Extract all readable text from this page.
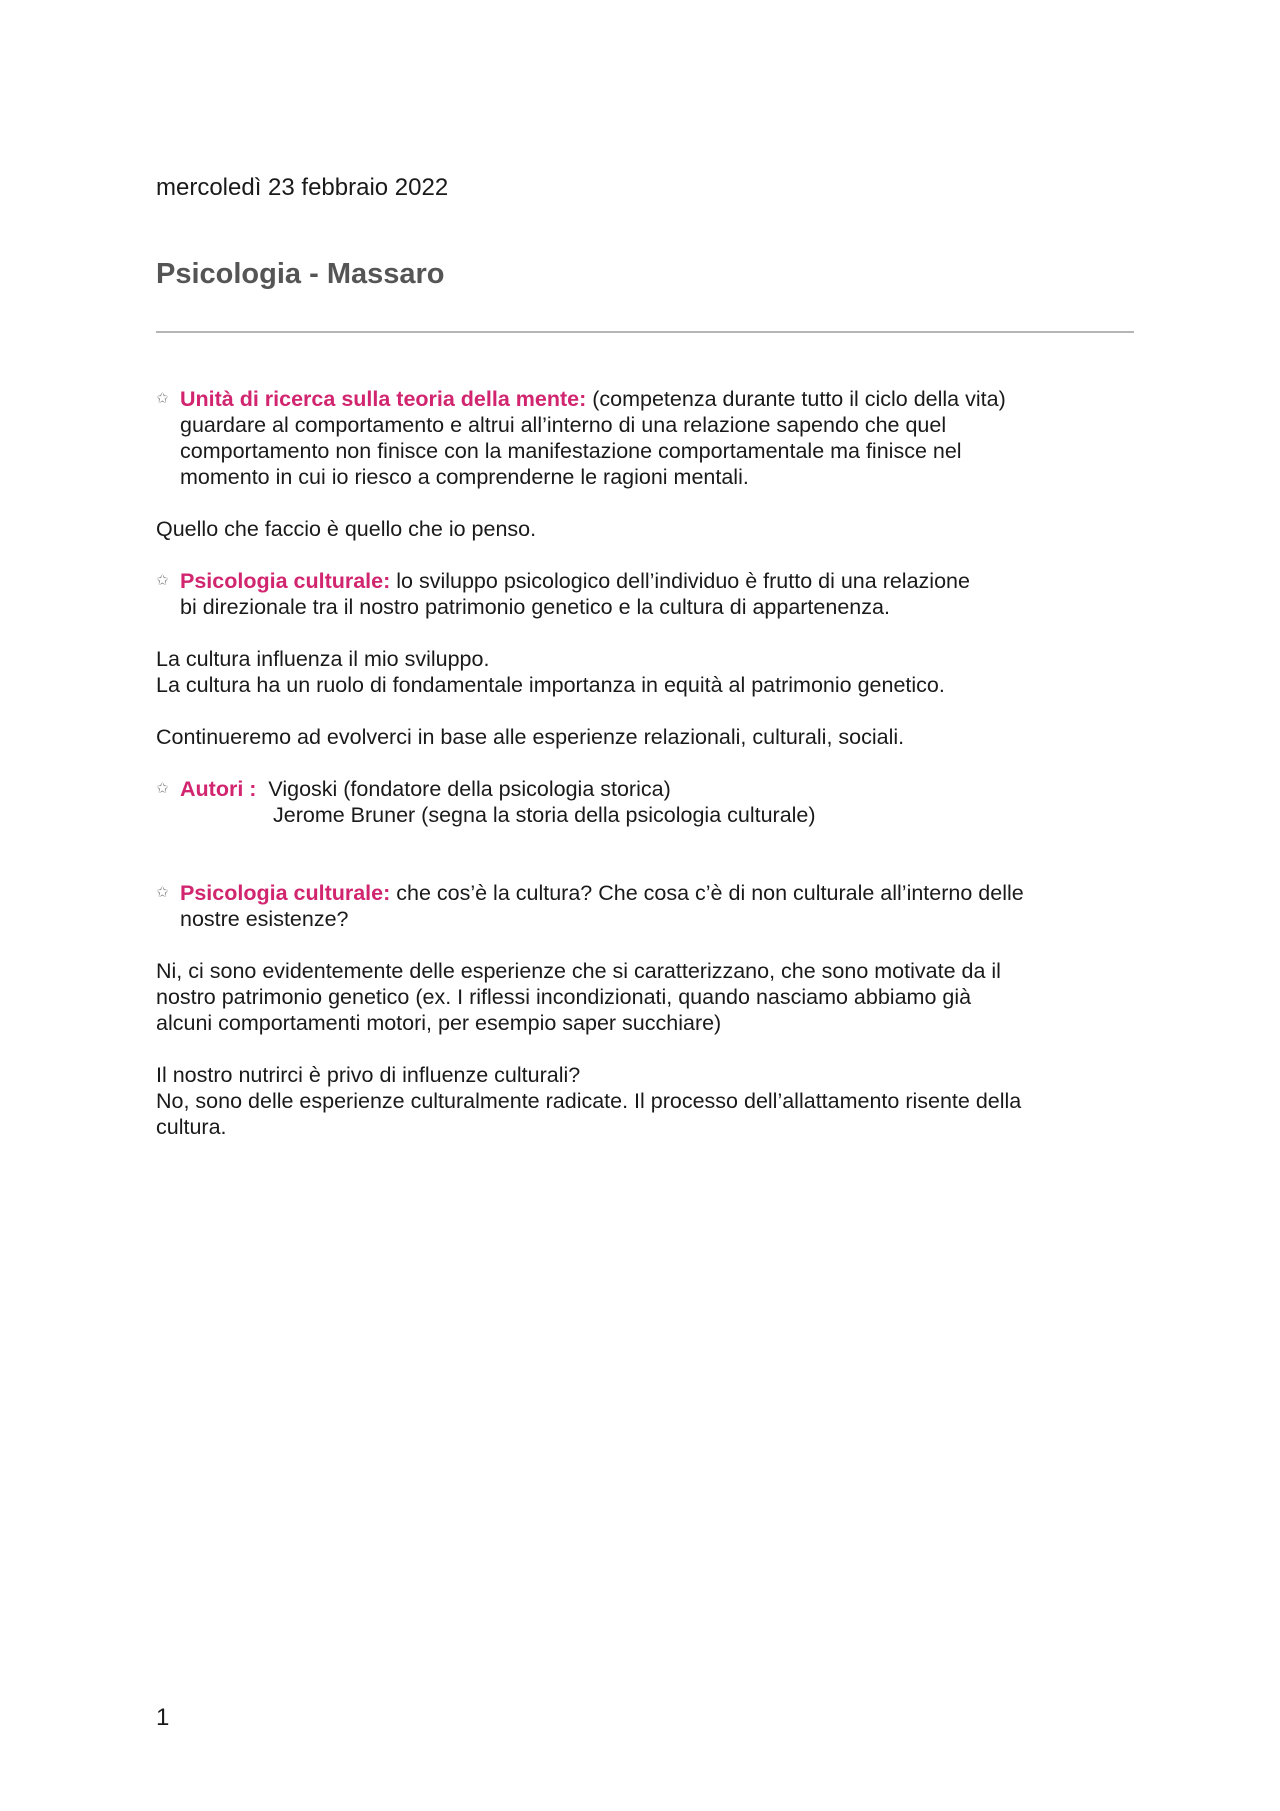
mercoledì 23 febbraio 2022
Psicologia - Massaro
✩ Unità di ricerca sulla teoria della mente: (competenza durante tutto il ciclo della vita)

guardare al comportamento e altrui all’interno di una relazione sapendo che quel

comportamento non finisce con la manifestazione comportamentale ma finisce nel

momento in cui io riesco a comprenderne le ragioni mentali.

Quello che faccio è quello che io penso.

✩ Psicologia culturale: lo sviluppo psicologico dell’individuo è frutto di una relazione

bi direzionale tra il nostro patrimonio genetico e la cultura di appartenenza.

La cultura influenza il mio sviluppo.

La cultura ha un ruolo di fondamentale importanza in equità al patrimonio genetico.

Continueremo ad evolverci in base alle esperienze relazionali, culturali, sociali.

✩ Autori :  Vigoski (fondatore della psicologia storica)

Jerome Bruner (segna la storia della psicologia culturale)

✩ Psicologia culturale: che cos’è la cultura? Che cosa c’è di non culturale all’interno delle

nostre esistenze?

Ni, ci sono evidentemente delle esperienze che si caratterizzano, che sono motivate da il

nostro patrimonio genetico (ex. I riflessi incondizionati, quando nasciamo abbiamo già

alcuni comportamenti motori, per esempio saper succhiare)

Il nostro nutrirci è privo di influenze culturali?

No, sono delle esperienze culturalmente radicate. Il processo dell’allattamento risente della

cultura.

1
